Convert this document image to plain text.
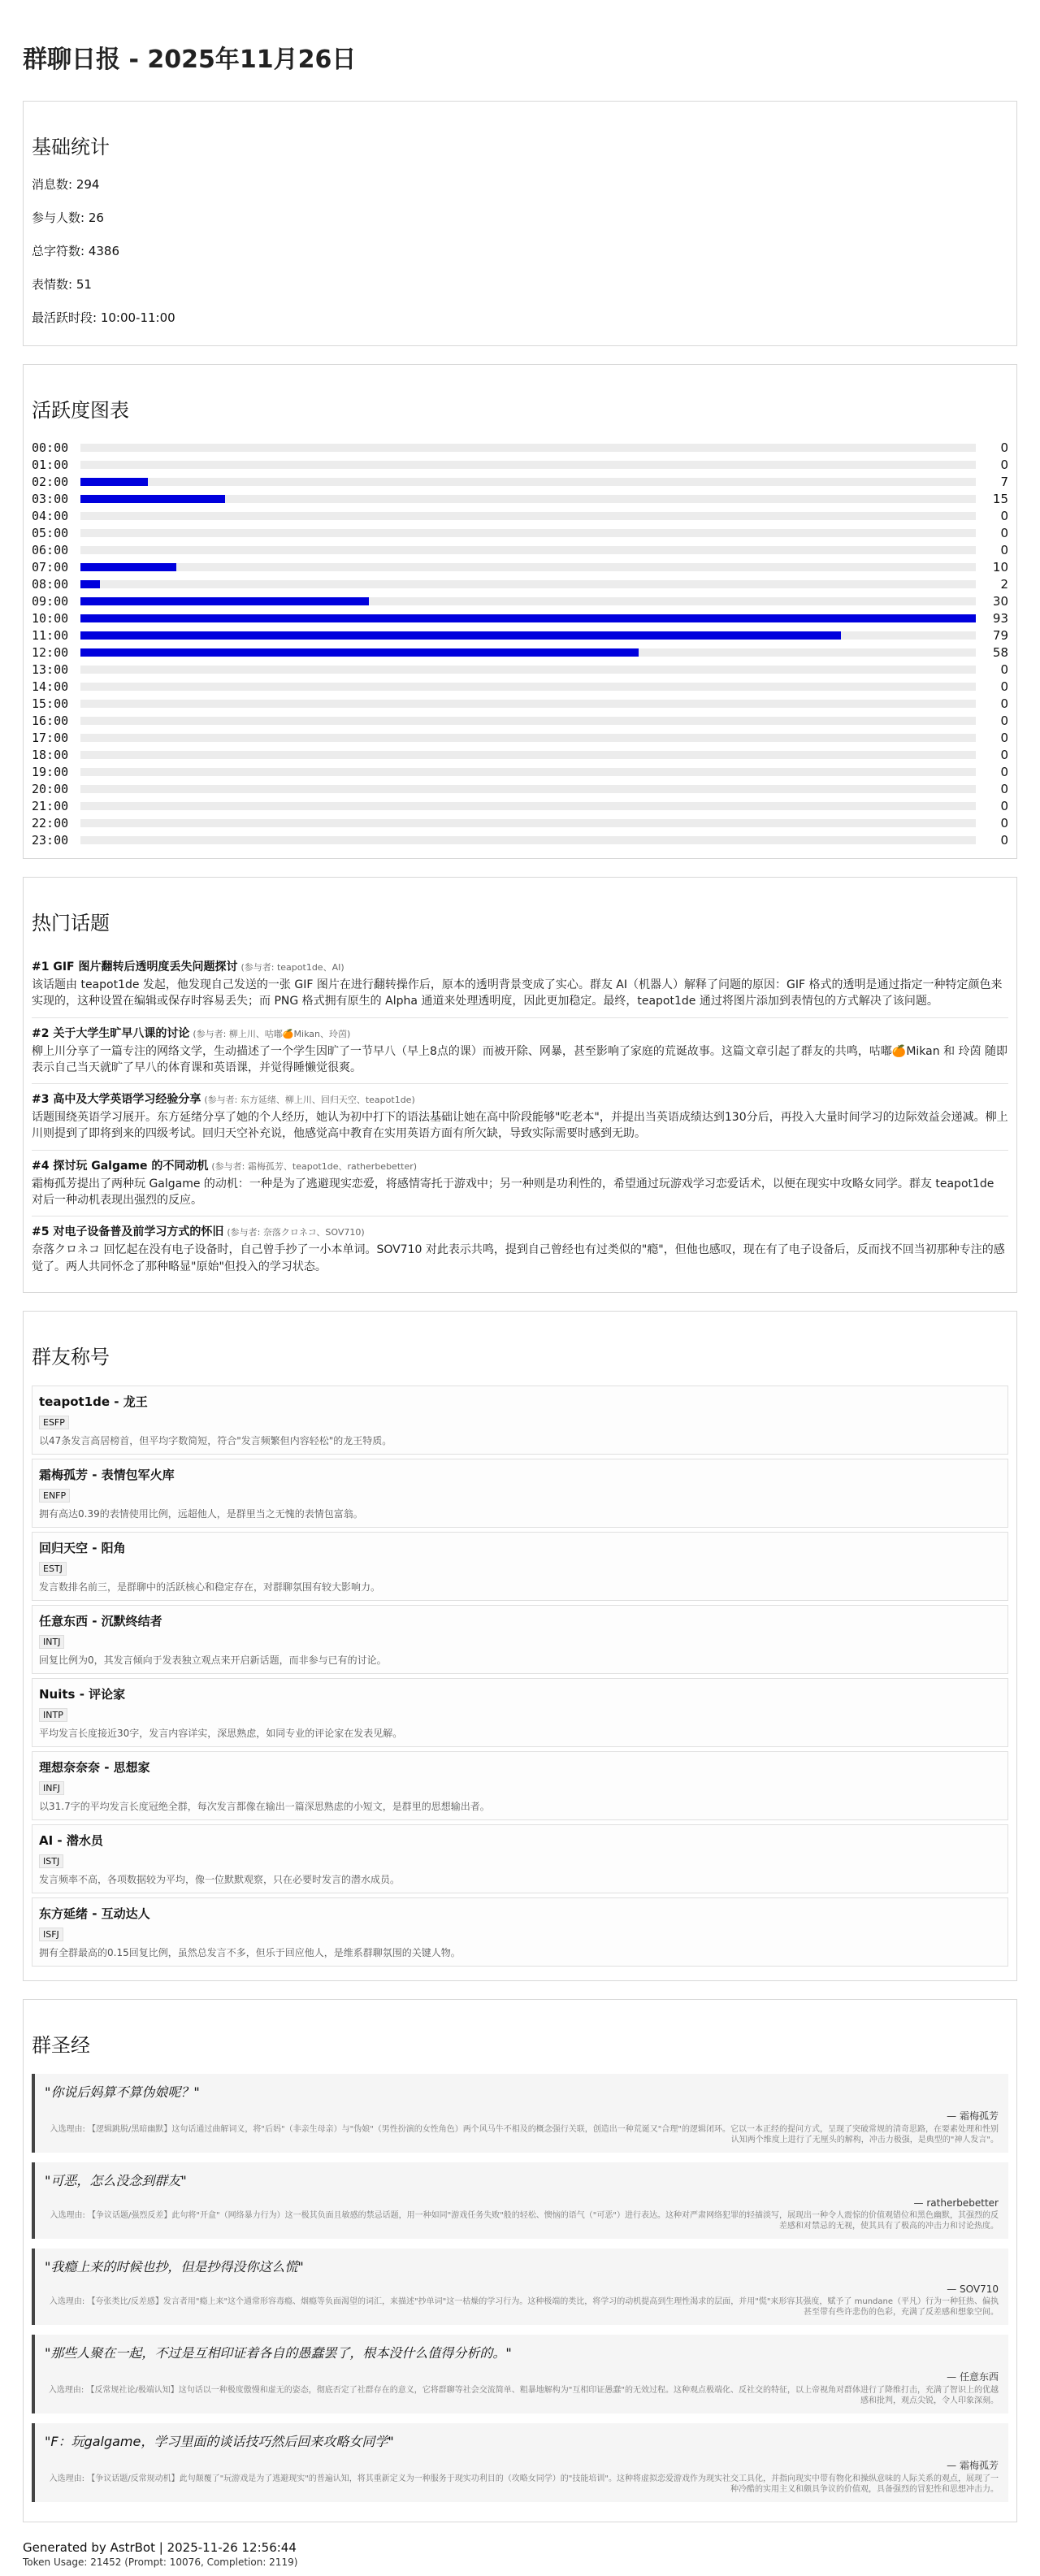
群聊日报 - 2025年11月26日
基础统计
消息数: 294
参与人数: 26
总字符数: 4386
表情数: 51
最活跃时段: 10:00-11:00
活跃度图表
00:00	0
01:00	0
02:00	7
03:00	15
04:00	0
05:00	0
06:00	0
07:00	10
08:00	2
09:00	30
10:00	93
11:00	79
12:00	58
13:00	0
14:00	0
15:00	0
16:00	0
17:00	0
18:00	0
19:00	0
20:00	0
21:00	0
22:00	0
23:00	0
热门话题
#1 GIF 图片翻转后透明度丢失问题探讨 (参与者: teapot1de、AI)
该话题由 teapot1de 发起，他发现自己发送的一张 GIF 图片在进行翻转操作后，原本的透明背景变成了实心。群友 AI（机器人）解释了问题的原因：GIF 格式的透明是通过指定一种特定颜色来实现的，这种设置在编辑或保存时容易丢失；而 PNG 格式拥有原生的 Alpha 通道来处理透明度，因此更加稳定。最终，teapot1de 通过将图片添加到表情包的方式解决了该问题。
#2 关于大学生旷早八课的讨论 (参与者: 柳上川、咕嘟🍊Mikan、玲茵)
柳上川分享了一篇专注的网络文学，生动描述了一个学生因旷了一节早八（早上8点的课）而被开除、网暴，甚至影响了家庭的荒诞故事。这篇文章引起了群友的共鸣，咕嘟🍊Mikan 和 玲茵 随即表示自己当天就旷了早八的体育课和英语课，并觉得睡懒觉很爽。
#3 高中及大学英语学习经验分享 (参与者: 东方延绪、柳上川、回归天空、teapot1de)
话题围绕英语学习展开。东方延绪分享了她的个人经历，她认为初中打下的语法基础让她在高中阶段能够"吃老本"，并提出当英语成绩达到130分后，再投入大量时间学习的边际效益会递减。柳上川则提到了即将到来的四级考试。回归天空补充说，他感觉高中教育在实用英语方面有所欠缺，导致实际需要时感到无助。
#4 探讨玩 Galgame 的不同动机 (参与者: 霜梅孤芳、teapot1de、ratherbebetter)
霜梅孤芳提出了两种玩 Galgame 的动机：一种是为了逃避现实恋爱，将感情寄托于游戏中；另一种则是功利性的，希望通过玩游戏学习恋爱话术，以便在现实中攻略女同学。群友 teapot1de 对后一种动机表现出强烈的反应。
#5 对电子设备普及前学习方式的怀旧 (参与者: 奈落クロネコ、SOV710)
奈落クロネコ 回忆起在没有电子设备时，自己曾手抄了一小本单词。SOV710 对此表示共鸣，提到自己曾经也有过类似的"瘾"，但他也感叹，现在有了电子设备后，反而找不回当初那种专注的感觉了。两人共同怀念了那种略显"原始"但投入的学习状态。
群友称号
teapot1de - 龙王
ESFP
以47条发言高居榜首，但平均字数简短，符合"发言频繁但内容轻松"的龙王特质。
霜梅孤芳 - 表情包军火库
ENFP
拥有高达0.39的表情使用比例，远超他人，是群里当之无愧的表情包富翁。
回归天空 - 阳角
ESTJ
发言数排名前三，是群聊中的活跃核心和稳定存在，对群聊氛围有较大影响力。
任意东西 - 沉默终结者
INTJ
回复比例为0，其发言倾向于发表独立观点来开启新话题，而非参与已有的讨论。
Nuits - 评论家
INTP
平均发言长度接近30字，发言内容详实，深思熟虑，如同专业的评论家在发表见解。
理想奈奈奈 - 思想家
INFJ
以31.7字的平均发言长度冠绝全群，每次发言都像在输出一篇深思熟虑的小短文，是群里的思想输出者。
AI - 潜水员
ISTJ
发言频率不高，各项数据较为平均，像一位默默观察，只在必要时发言的潜水成员。
东方延绪 - 互动达人
ISFJ
拥有全群最高的0.15回复比例，虽然总发言不多，但乐于回应他人，是维系群聊氛围的关键人物。
群圣经
"你说后妈算不算伪娘呢？"
— 霜梅孤芳
入选理由: 【逻辑跳脱/黑暗幽默】这句话通过曲解词义，将"后妈"（非亲生母亲）与"伪娘"（男性扮演的女性角色）两个风马牛不相及的概念强行关联，创造出一种荒诞又"合理"的逻辑闭环。它以一本正经的提问方式，呈现了突破常规的清奇思路，在要素处理和性别认知两个维度上进行了无厘头的解构，冲击力极强，是典型的"神人发言"。
"可恶，怎么没念到群友"
— ratherbebetter
入选理由: 【争议话题/强烈反差】此句将"开盒"（网络暴力行为）这一极其负面且敏感的禁忌话题，用一种如同"游戏任务失败"般的轻松、懊恼的语气（"可恶"）进行表达。这种对严肃网络犯罪的轻描淡写，展现出一种令人震惊的价值观错位和黑色幽默，其强烈的反差感和对禁忌的无视，使其具有了极高的冲击力和讨论热度。
"我瘾上来的时候也抄，但是抄得没你这么慌"
— SOV710
入选理由: 【夸张类比/反差感】发言者用"瘾上来"这个通常形容毒瘾、烟瘾等负面渴望的词汇，来描述"抄单词"这一枯燥的学习行为。这种极端的类比，将学习的动机提高到生理性渴求的层面，并用"慌"来形容其强度，赋予了 mundane（平凡）行为一种狂热、偏执甚至带有些许悲伤的色彩，充满了反差感和想象空间。
"那些人聚在一起，不过是互相印证着各自的愚蠢罢了，根本没什么值得分析的。"
— 任意东西
入选理由: 【反常规社论/极端认知】这句话以一种极度傲慢和虚无的姿态，彻底否定了社群存在的意义，它将群聊等社会交流简单、粗暴地解构为"互相印证愚蠢"的无效过程。这种观点极端化、反社交的特征，以上帝视角对群体进行了降维打击，充满了智识上的优越感和批判，观点尖锐，令人印象深刻。
"F：玩galgame，学习里面的谈话技巧然后回来攻略女同学"
— 霜梅孤芳
入选理由: 【争议话题/反常规动机】此句颠覆了"玩游戏是为了逃避现实"的普遍认知，将其重新定义为一种服务于现实功利目的（攻略女同学）的"技能培训"。这种将虚拟恋爱游戏作为现实社交工具化，并指向现实中带有物化和操纵意味的人际关系的观点，展现了一种冷酷的实用主义和颇具争议的价值观，具备强烈的冒犯性和思想冲击力。
Generated by AstrBot | 2025-11-26 12:56:44
Token Usage: 21452 (Prompt: 10076, Completion: 2119)
